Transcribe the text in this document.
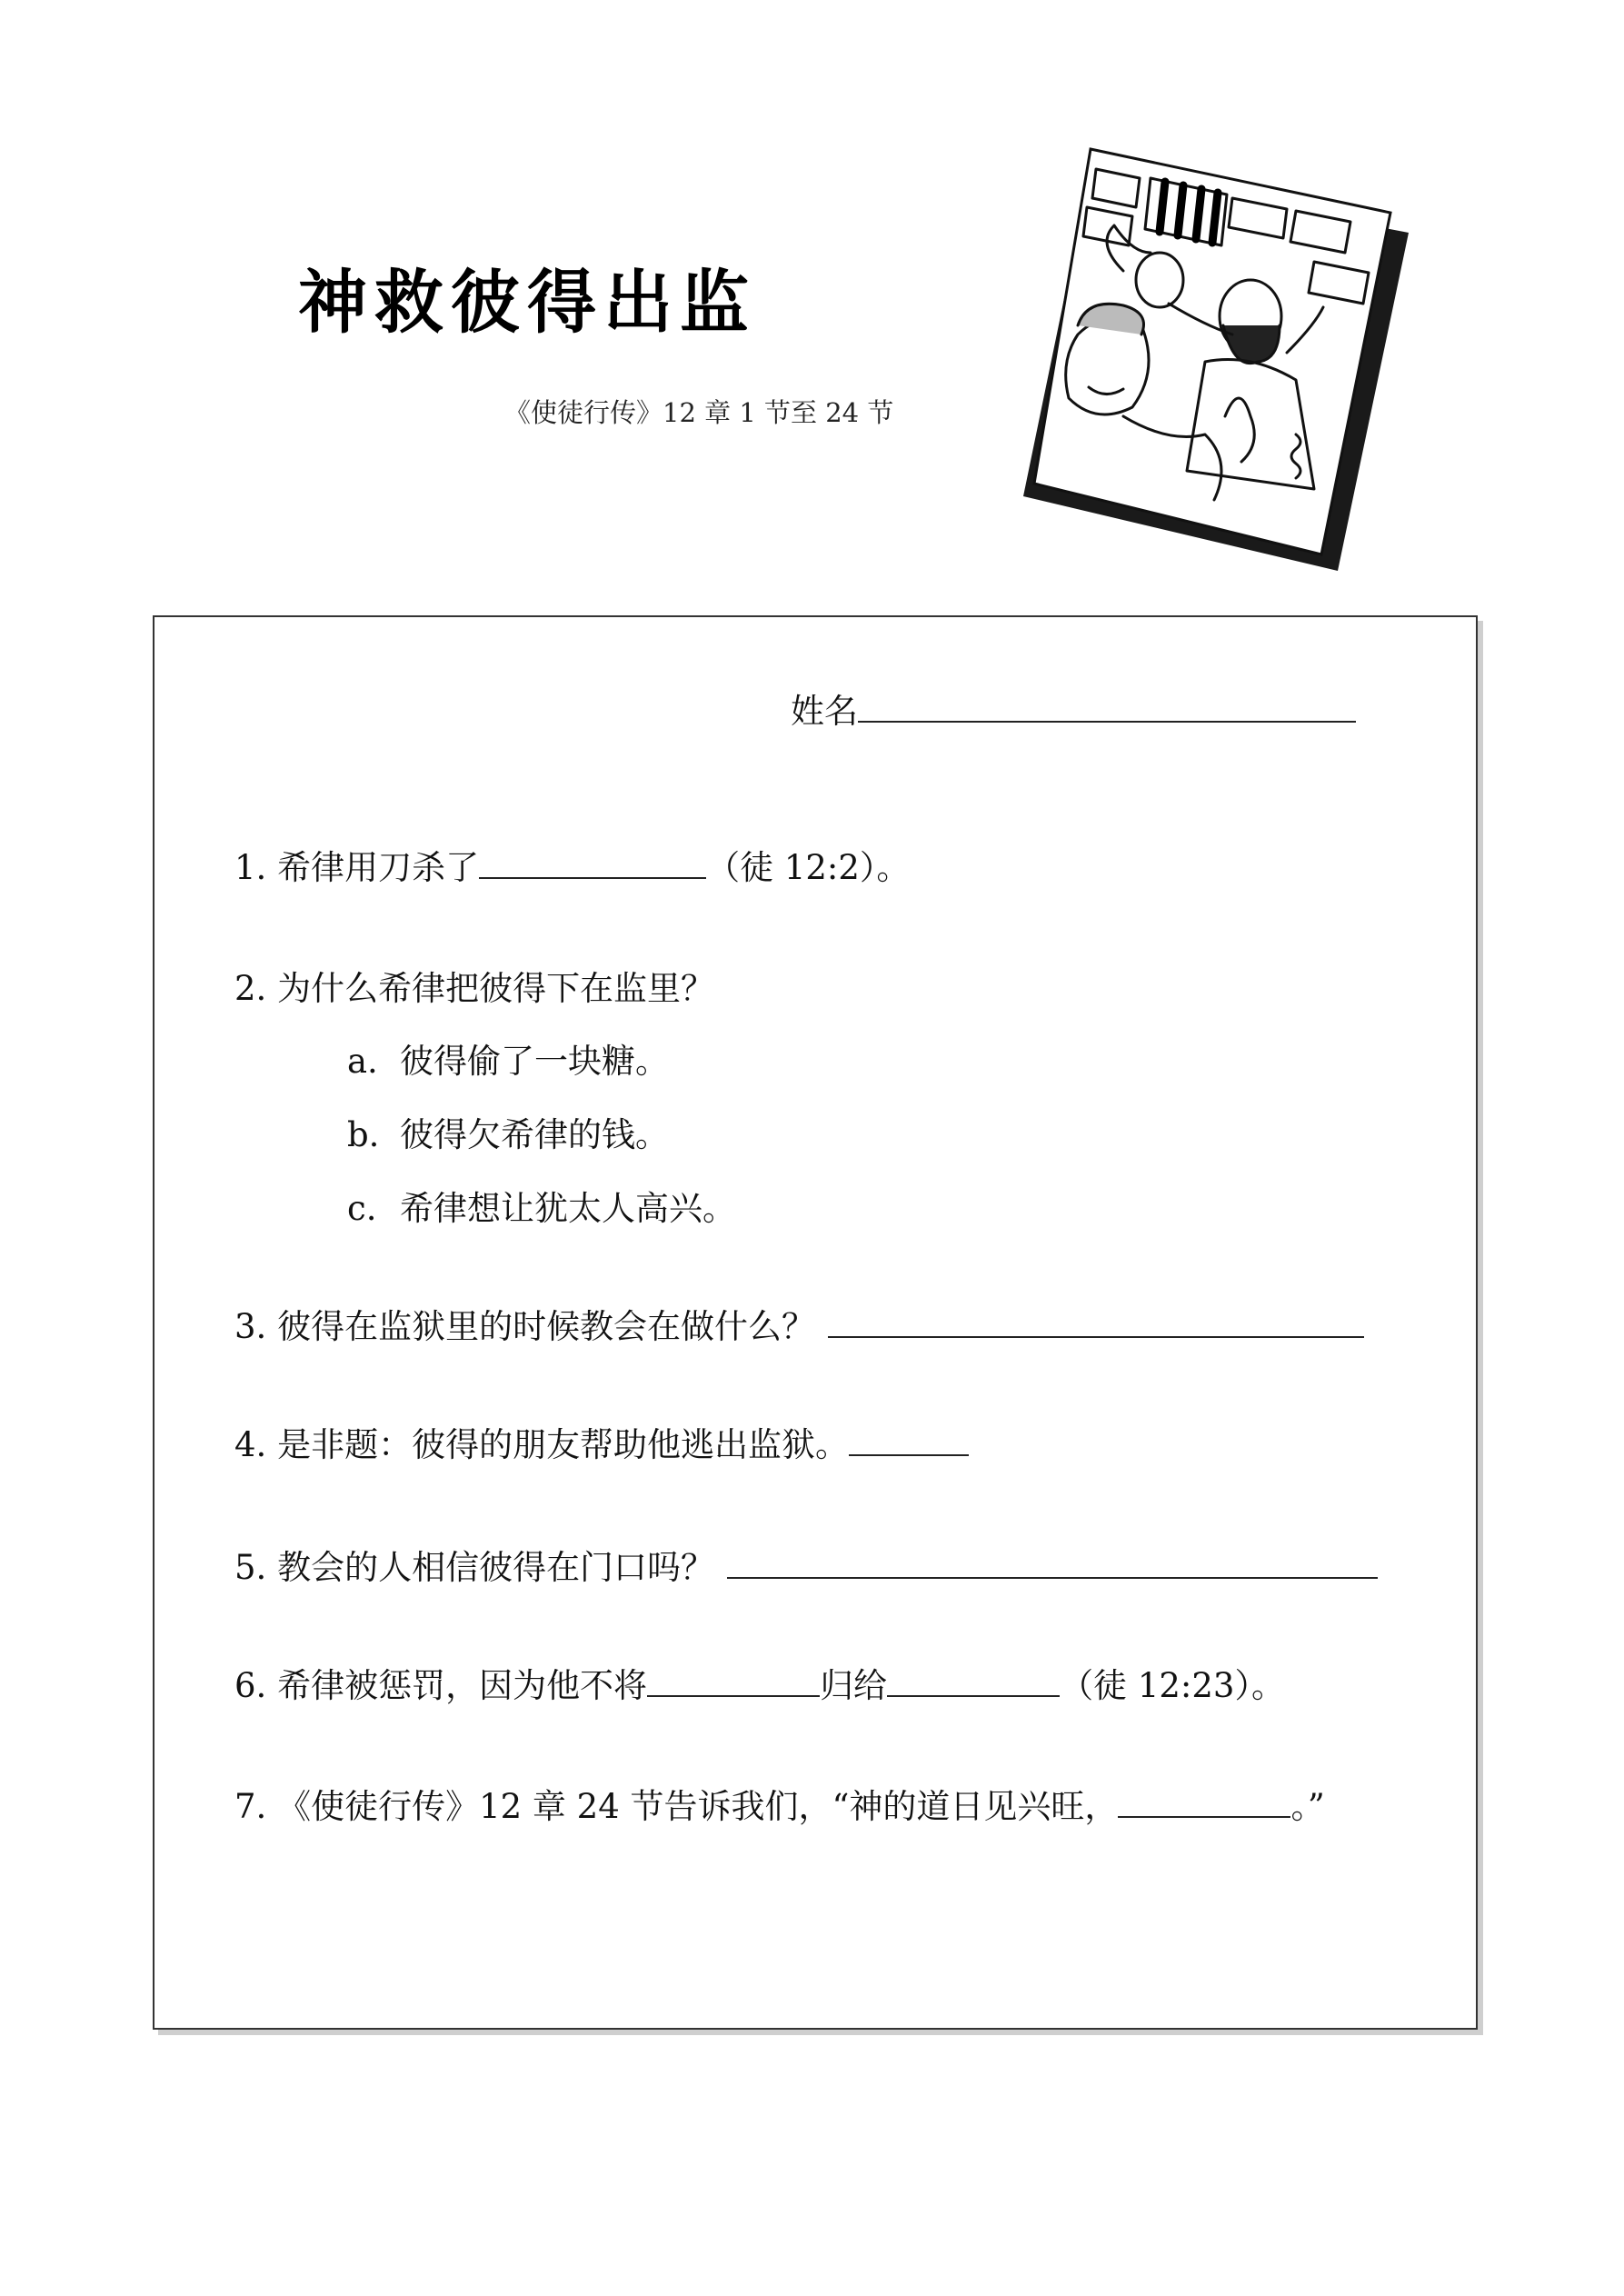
神救彼得出监
《使徒行传》12 章 1 节至 24 节
姓名
1. 希律用刀杀了	（徒 12:2）。
2. 为什么希律把彼得下在监里？
a. 彼得偷了一块糖。
b. 彼得欠希律的钱。
c. 希律想让犹太人高兴。
3. 彼得在监狱里的时候教会在做什么？
4. 是非题：彼得的朋友帮助他逃出监狱。
5. 教会的人相信彼得在门口吗？
6. 希律被惩罚，因为他不将	归给	（徒 12:23）。
7. 《使徒行传》12 章 24 节告诉我们，“神的道日见兴旺，	。”
